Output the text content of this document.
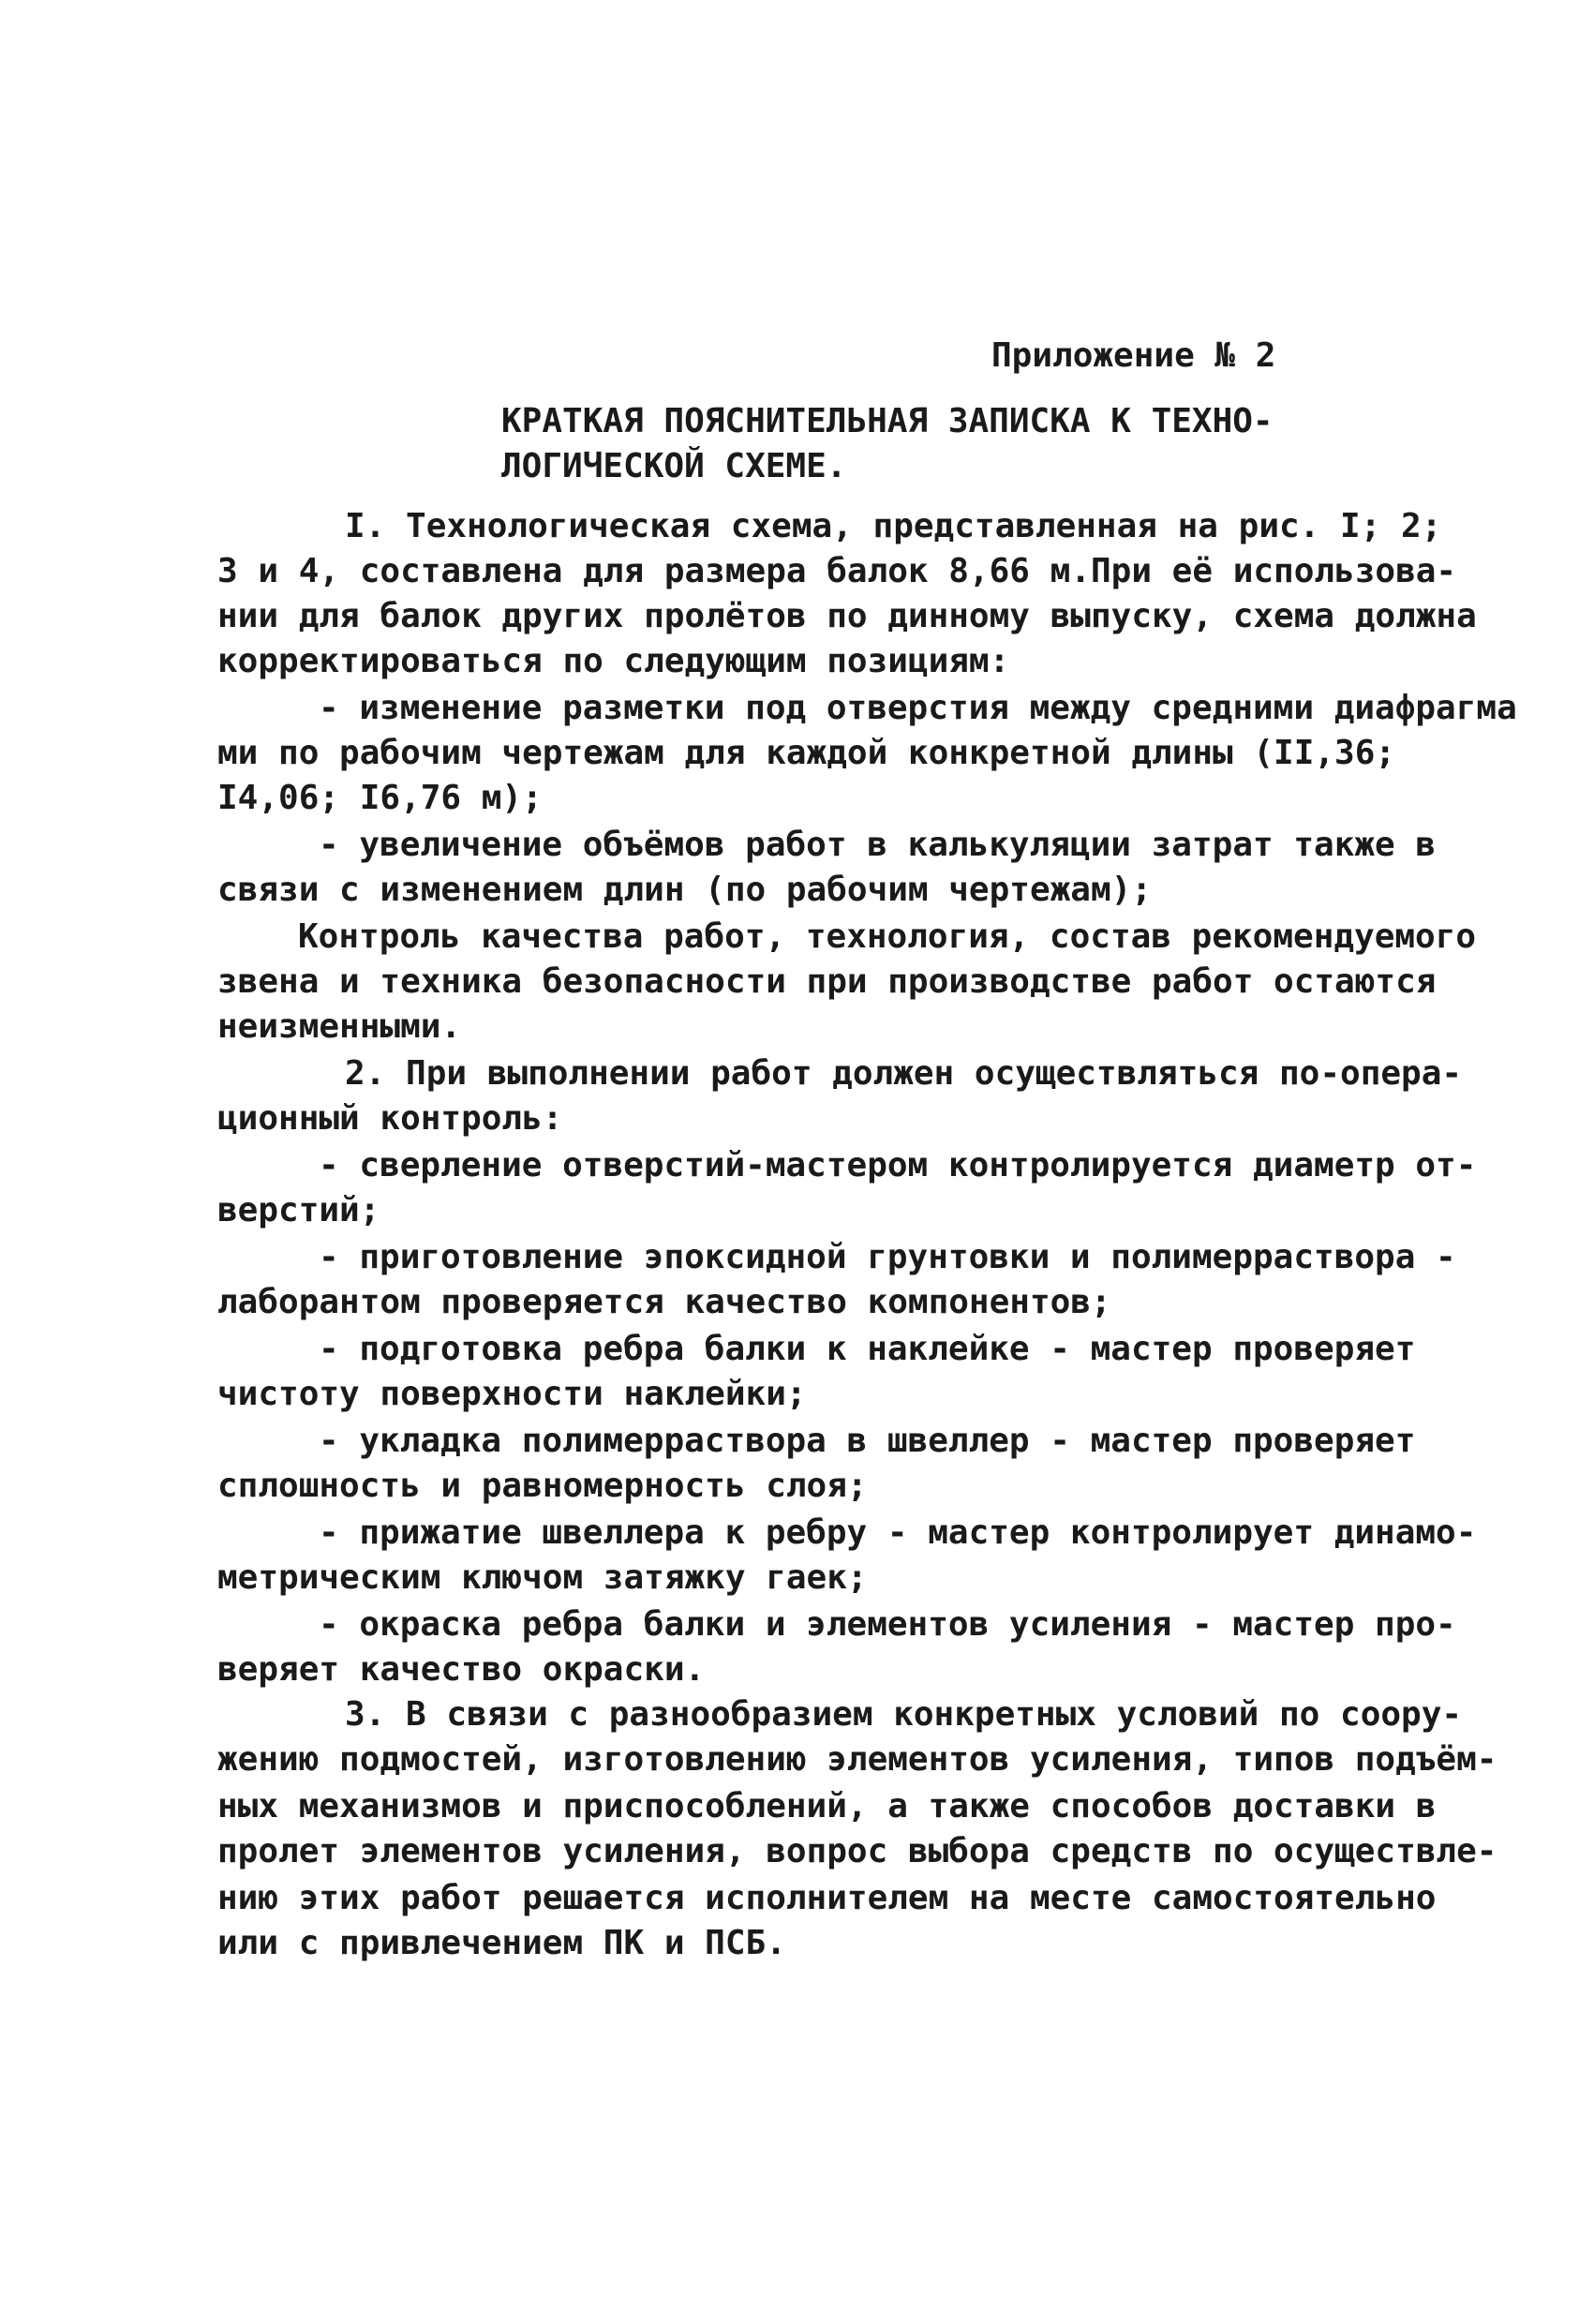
Приложение № 2
КРАТКАЯ ПОЯСНИТЕЛЬНАЯ ЗАПИСКА К ТЕХНО-
ЛОГИЧЕСКОЙ СХЕМЕ.
I. Технологическая схема, представленная на рис. I; 2;
3 и 4, составлена для размера балок 8,66 м.При её использова-
нии для балок других пролётов по динному выпуску, схема должна
корректироваться по следующим позициям:
- изменение разметки под отверстия между средними диафрагма
ми по рабочим чертежам для каждой конкретной длины (II,36;
I4,06; I6,76 м);
- увеличение объёмов работ в калькуляции затрат также в
связи с изменением длин (по рабочим чертежам);
Контроль качества работ, технология, состав рекомендуемого
звена и техника безопасности при производстве работ остаются
неизменными.
2. При выполнении работ должен осуществляться по-опера-
ционный контроль:
- сверление отверстий-мастером контролируется диаметр от-
верстий;
- приготовление эпоксидной грунтовки и полимерраствора -
лаборантом проверяется качество компонентов;
- подготовка ребра балки к наклейке - мастер проверяет
чистоту поверхности наклейки;
- укладка полимерраствора в швеллер - мастер проверяет
сплошность и равномерность слоя;
- прижатие швеллера к ребру - мастер контролирует динамо-
метрическим ключом затяжку гаек;
- окраска ребра балки и элементов усиления - мастер про-
веряет качество окраски.
3. В связи с разнообразием конкретных условий по соору-
жению подмостей, изготовлению элементов усиления, типов подъём-
ных механизмов и приспособлений, а также способов доставки в
пролет элементов усиления, вопрос выбора средств по осуществле-
нию этих работ решается исполнителем на месте самостоятельно
или с привлечением ПК и ПСБ.
